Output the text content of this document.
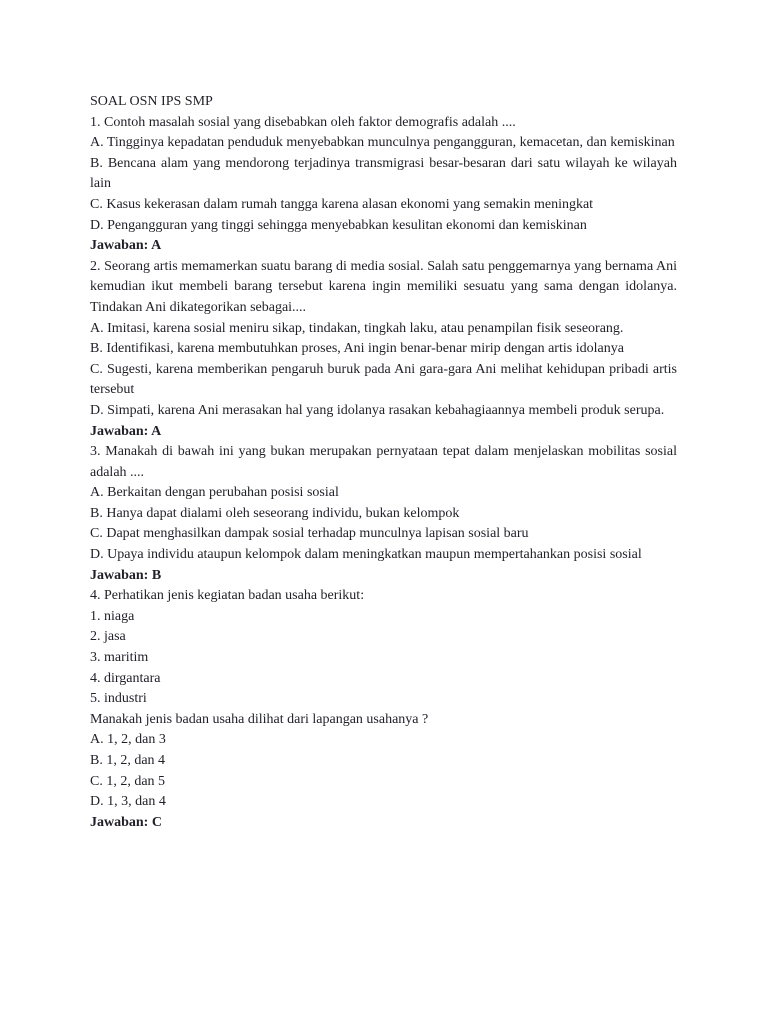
SOAL OSN IPS SMP

1. Contoh masalah sosial yang disebabkan oleh faktor demografis adalah ....

A. Tingginya kepadatan penduduk menyebabkan munculnya pengangguran, kemacetan, dan kemiskinan

B. Bencana alam yang mendorong terjadinya transmigrasi besar-besaran dari satu wilayah ke wilayah lain

C. Kasus kekerasan dalam rumah tangga karena alasan ekonomi yang semakin meningkat

D. Pengangguran yang tinggi sehingga menyebabkan kesulitan ekonomi dan kemiskinan

Jawaban: A

2. Seorang artis memamerkan suatu barang di media sosial. Salah satu penggemarnya yang bernama Ani kemudian ikut membeli barang tersebut karena ingin memiliki sesuatu yang sama dengan idolanya. Tindakan Ani dikategorikan sebagai....

A. Imitasi, karena sosial meniru sikap, tindakan, tingkah laku, atau penampilan fisik seseorang.

B. Identifikasi, karena membutuhkan proses, Ani ingin benar-benar mirip dengan artis idolanya

C. Sugesti, karena memberikan pengaruh buruk pada Ani gara-gara Ani melihat kehidupan pribadi artis tersebut

D. Simpati, karena Ani merasakan hal yang idolanya rasakan kebahagiaannya membeli produk serupa.

Jawaban: A

3. Manakah di bawah ini yang bukan merupakan pernyataan tepat dalam menjelaskan mobilitas sosial adalah ....

A. Berkaitan dengan perubahan posisi sosial

B. Hanya dapat dialami oleh seseorang individu, bukan kelompok

C. Dapat menghasilkan dampak sosial terhadap munculnya lapisan sosial baru

D. Upaya individu ataupun kelompok dalam meningkatkan maupun mempertahankan posisi sosial

Jawaban: B

4. Perhatikan jenis kegiatan badan usaha berikut:

1. niaga

2. jasa

3. maritim

4. dirgantara

5. industri

Manakah jenis badan usaha dilihat dari lapangan usahanya ?

A. 1, 2, dan 3

B. 1, 2, dan 4

C. 1, 2, dan 5

D. 1, 3, dan 4

Jawaban: C
